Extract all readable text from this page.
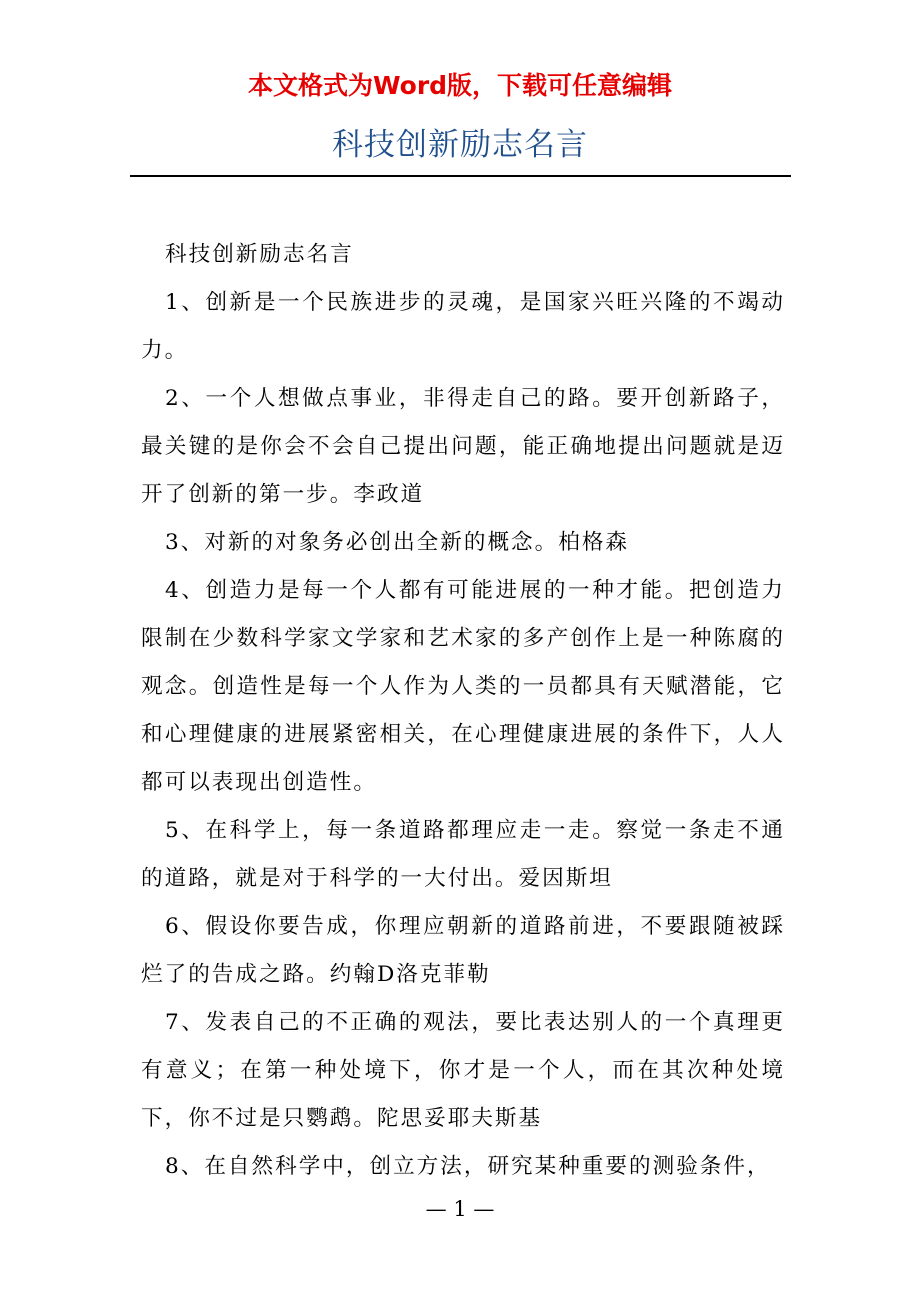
本文格式为Word版，下载可任意编辑
科技创新励志名言

科技创新励志名言

1、创新是一个民族进步的灵魂，是国家兴旺兴隆的不竭动力。

2、一个人想做点事业，非得走自己的路。要开创新路子，最关键的是你会不会自己提出问题，能正确地提出问题就是迈开了创新的第一步。李政道

3、对新的对象务必创出全新的概念。柏格森

4、创造力是每一个人都有可能进展的一种才能。把创造力限制在少数科学家文学家和艺术家的多产创作上是一种陈腐的观念。创造性是每一个人作为人类的一员都具有天赋潜能，它和心理健康的进展紧密相关，在心理健康进展的条件下，人人都可以表现出创造性。

5、在科学上，每一条道路都理应走一走。察觉一条走不通的道路，就是对于科学的一大付出。爱因斯坦

6、假设你要告成，你理应朝新的道路前进，不要跟随被踩烂了的告成之路。约翰D洛克菲勒

7、发表自己的不正确的观法，要比表达别人的一个真理更有意义；在第一种处境下，你才是一个人，而在其次种处境下，你不过是只鹦鹉。陀思妥耶夫斯基

8、在自然科学中，创立方法，研究某种重要的测验条件，

— 1 —
